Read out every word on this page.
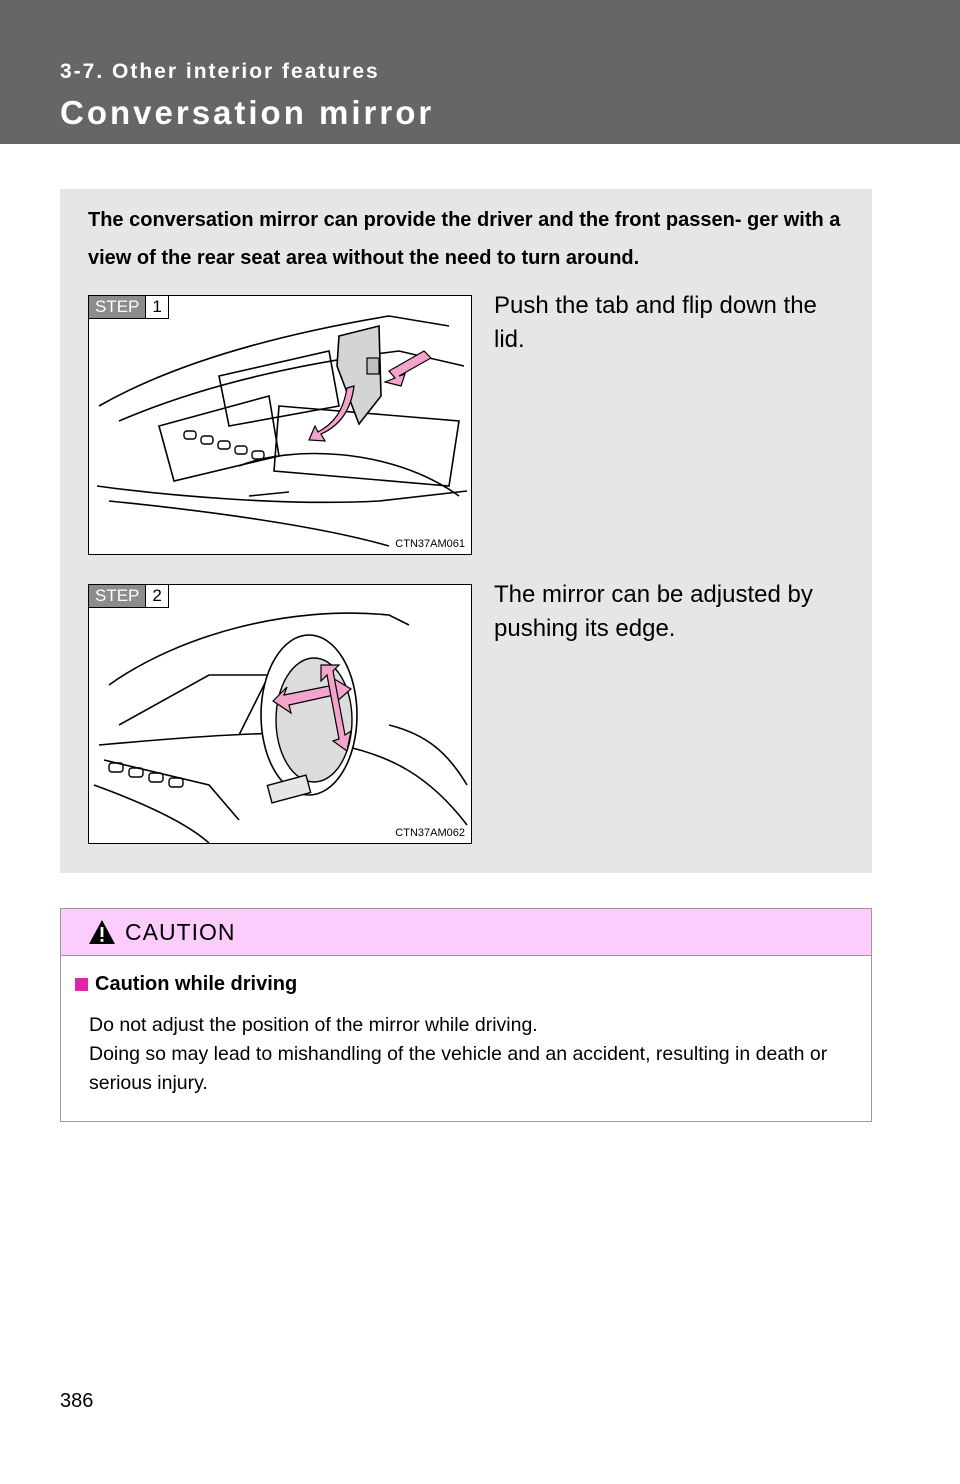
3-7. Other interior features

Conversation mirror

The conversation mirror can provide the driver and the front passen- ger with a view of the rear seat area without the need to turn around.

STEP 1
CTN37AM061

Push the tab and flip down the lid.

STEP 2
CTN37AM062

The mirror can be adjusted by pushing its edge.

CAUTION
Caution while driving

Do not adjust the position of the mirror while driving.

Doing so may lead to mishandling of the vehicle and an accident, resulting in death or serious injury.

386
